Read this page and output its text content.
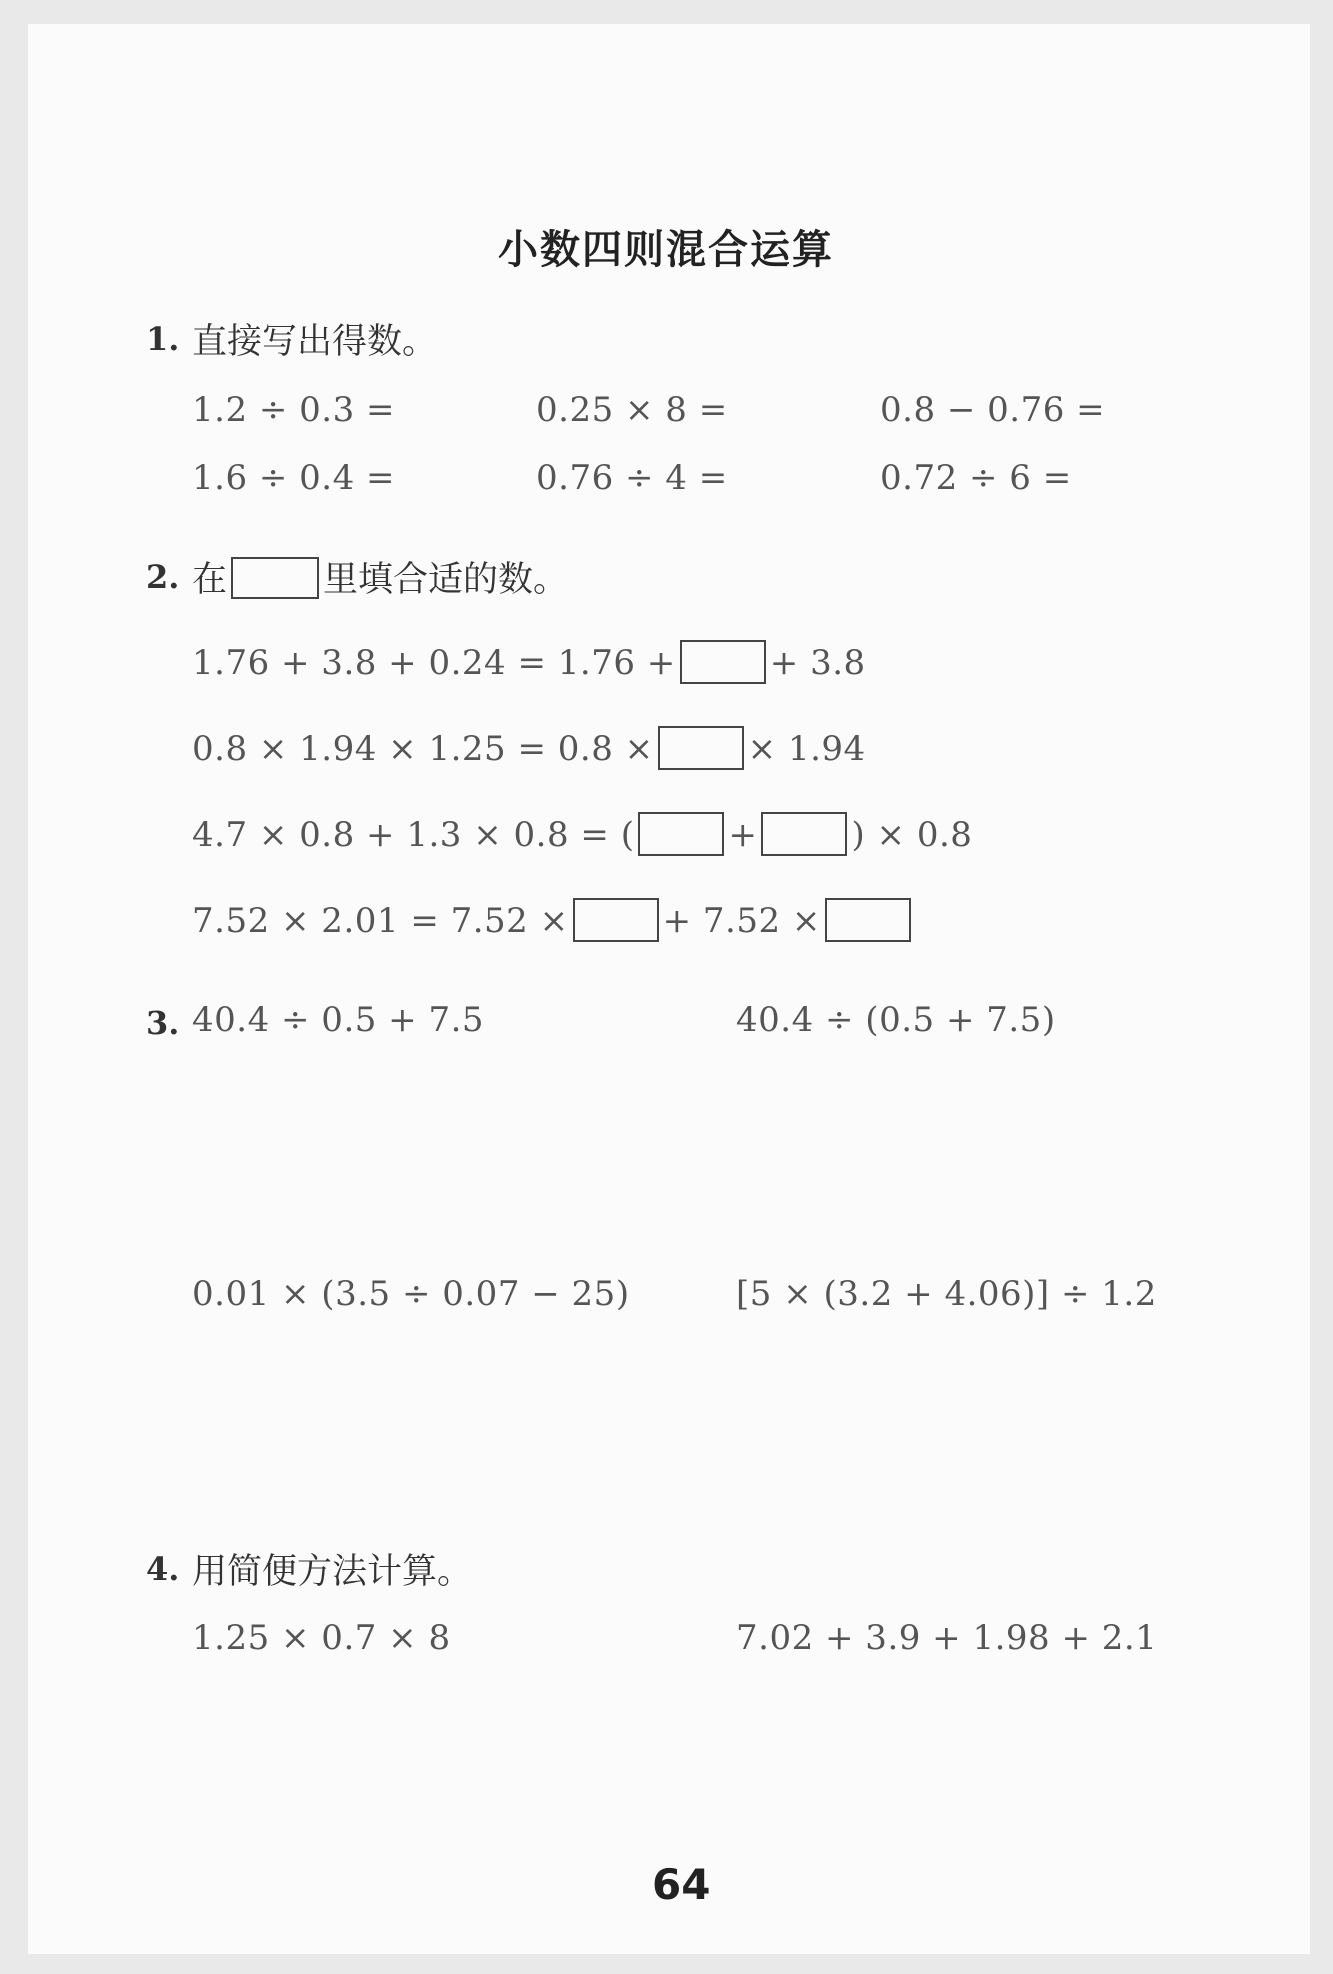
小数四则混合运算
1. 直接写出得数。
1.2 ÷ 0.3 =	0.25 × 8 =	0.8 − 0.76 =
1.6 ÷ 0.4 =	0.76 ÷ 4 =	0.72 ÷ 6 =
2. 在	里填合适的数。
1.76 + 3.8 + 0.24 = 1.76 +	+ 3.8
0.8 × 1.94 × 1.25 = 0.8 ×	× 1.94
4.7 × 0.8 + 1.3 × 0.8 = (	+	) × 0.8
7.52 × 2.01 = 7.52 ×	+ 7.52 ×
3. 40.4 ÷ 0.5 + 7.5	40.4 ÷ (0.5 + 7.5)
0.01 × (3.5 ÷ 0.07 − 25)	[5 × (3.2 + 4.06)] ÷ 1.2
4. 用简便方法计算。
1.25 × 0.7 × 8	7.02 + 3.9 + 1.98 + 2.1
64
